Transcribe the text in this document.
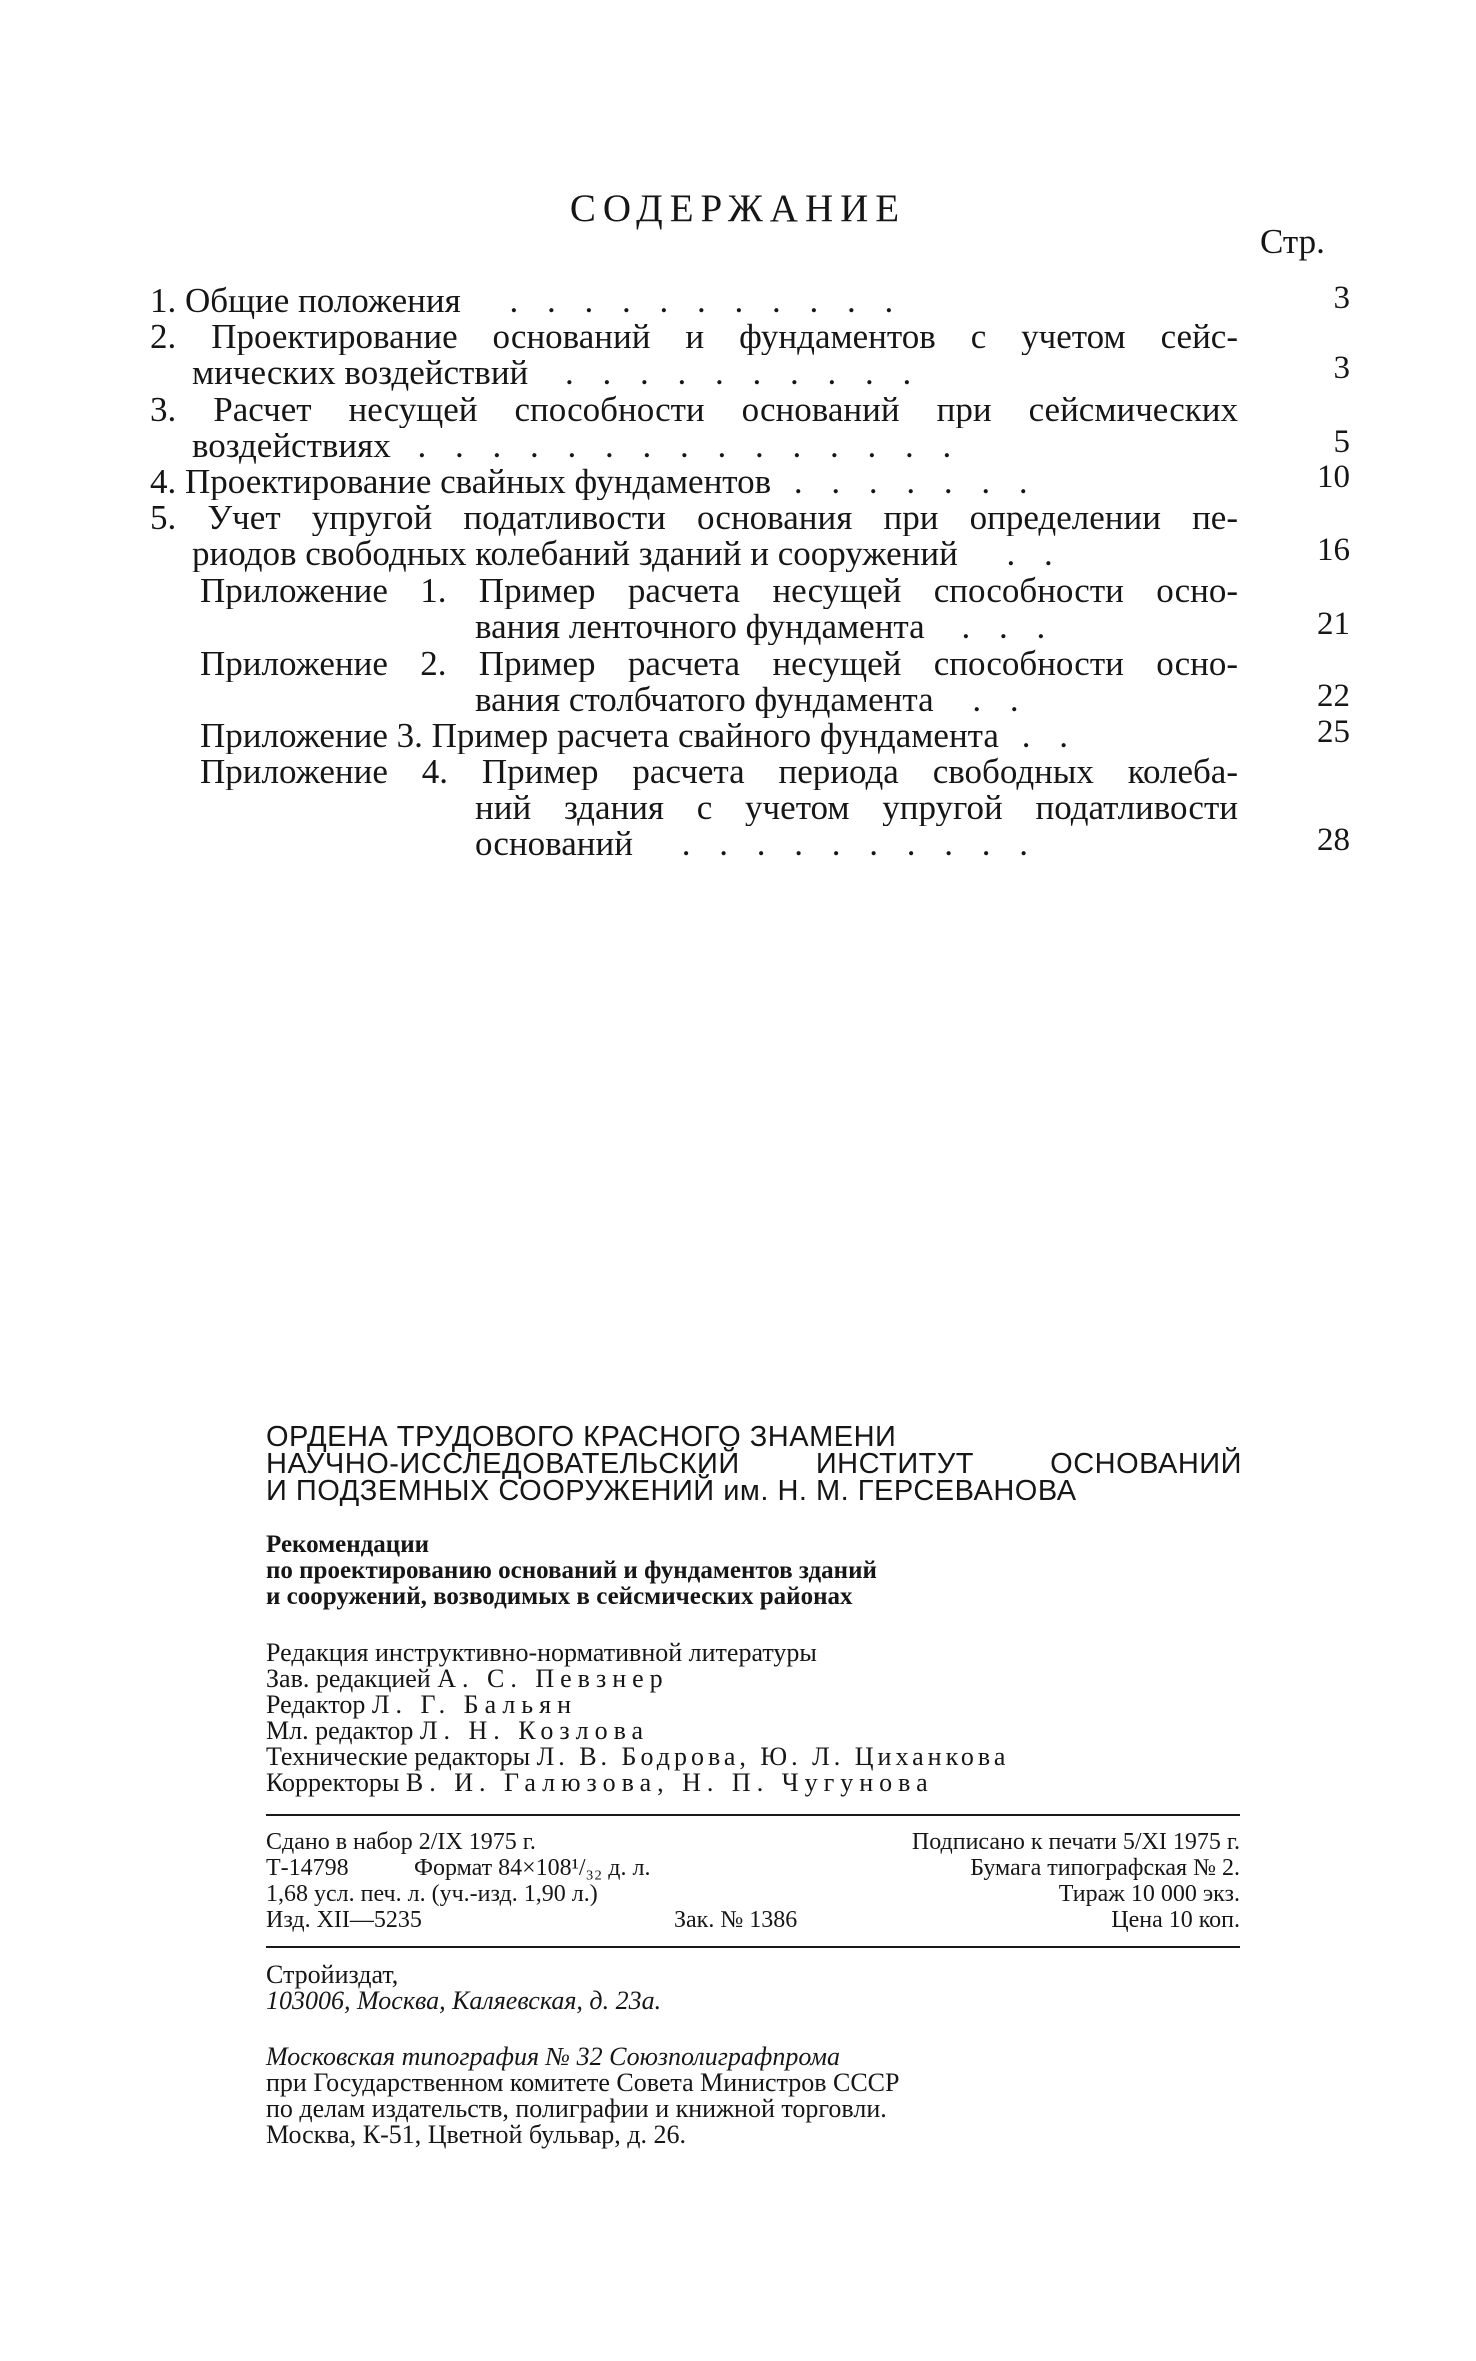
СОДЕРЖАНИЕ
Стр.
1. Общие положения . . . . . . . . . . .	3
2. Проектирование оснований и фундаментов с учетом сейс-
мических воздействий . . . . . . . . . .	3
3. Расчет несущей способности оснований при сейсмических
воздействиях . . . . . . . . . . . . . . .	5
4. Проектирование свайных фундаментов . . . . . . .	10
5. Учет упругой податливости основания при определении пе-
риодов свободных колебаний зданий и сооружений . .	16
Приложение 1. Пример расчета несущей способности осно-
вания ленточного фундамента . . .	21
Приложение 2. Пример расчета несущей способности осно-
вания столбчатого фундамента . .	22
Приложение 3. Пример расчета свайного фундамента . .	25
Приложение 4. Пример расчета периода свободных колеба-
ний здания с учетом упругой податливости
оснований . . . . . . . . . .	28
ОРДЕНА ТРУДОВОГО КРАСНОГО ЗНАМЕНИ
НАУЧНО-ИССЛЕДОВАТЕЛЬСКИЙ ИНСТИТУТ ОСНОВАНИЙ
И ПОДЗЕМНЫХ СООРУЖЕНИЙ им. Н. М. ГЕРСЕВАНОВА
Рекомендации
по проектированию оснований и фундаментов зданий
и сооружений, возводимых в сейсмических районах
Редакция инструктивно-нормативной литературы
Зав. редакцией А. С. Певзнер
Редактор Л. Г. Бальян
Мл. редактор Л. Н. Козлова
Технические редакторы Л. В. Бодрова, Ю. Л. Циханкова
Корректоры В. И. Галюзова, Н. П. Чугунова
Сдано в набор 2/IX 1975 г.	Подписано к печати 5/XI 1975 г.
Т-14798	Формат 84×108¹/₃₂ д. л.	Бумага типографская № 2.
1,68 усл. печ. л. (уч.-изд. 1,90 л.)	Тираж 10 000 экз.
Изд. XII—5235	Зак. № 1386	Цена 10 коп.
Стройиздат,
103006, Москва, Каляевская, д. 23а.
Московская типография № 32 Союзполиграфпрома
при Государственном комитете Совета Министров СССР
по делам издательств, полиграфии и книжной торговли.
Москва, К-51, Цветной бульвар, д. 26.
